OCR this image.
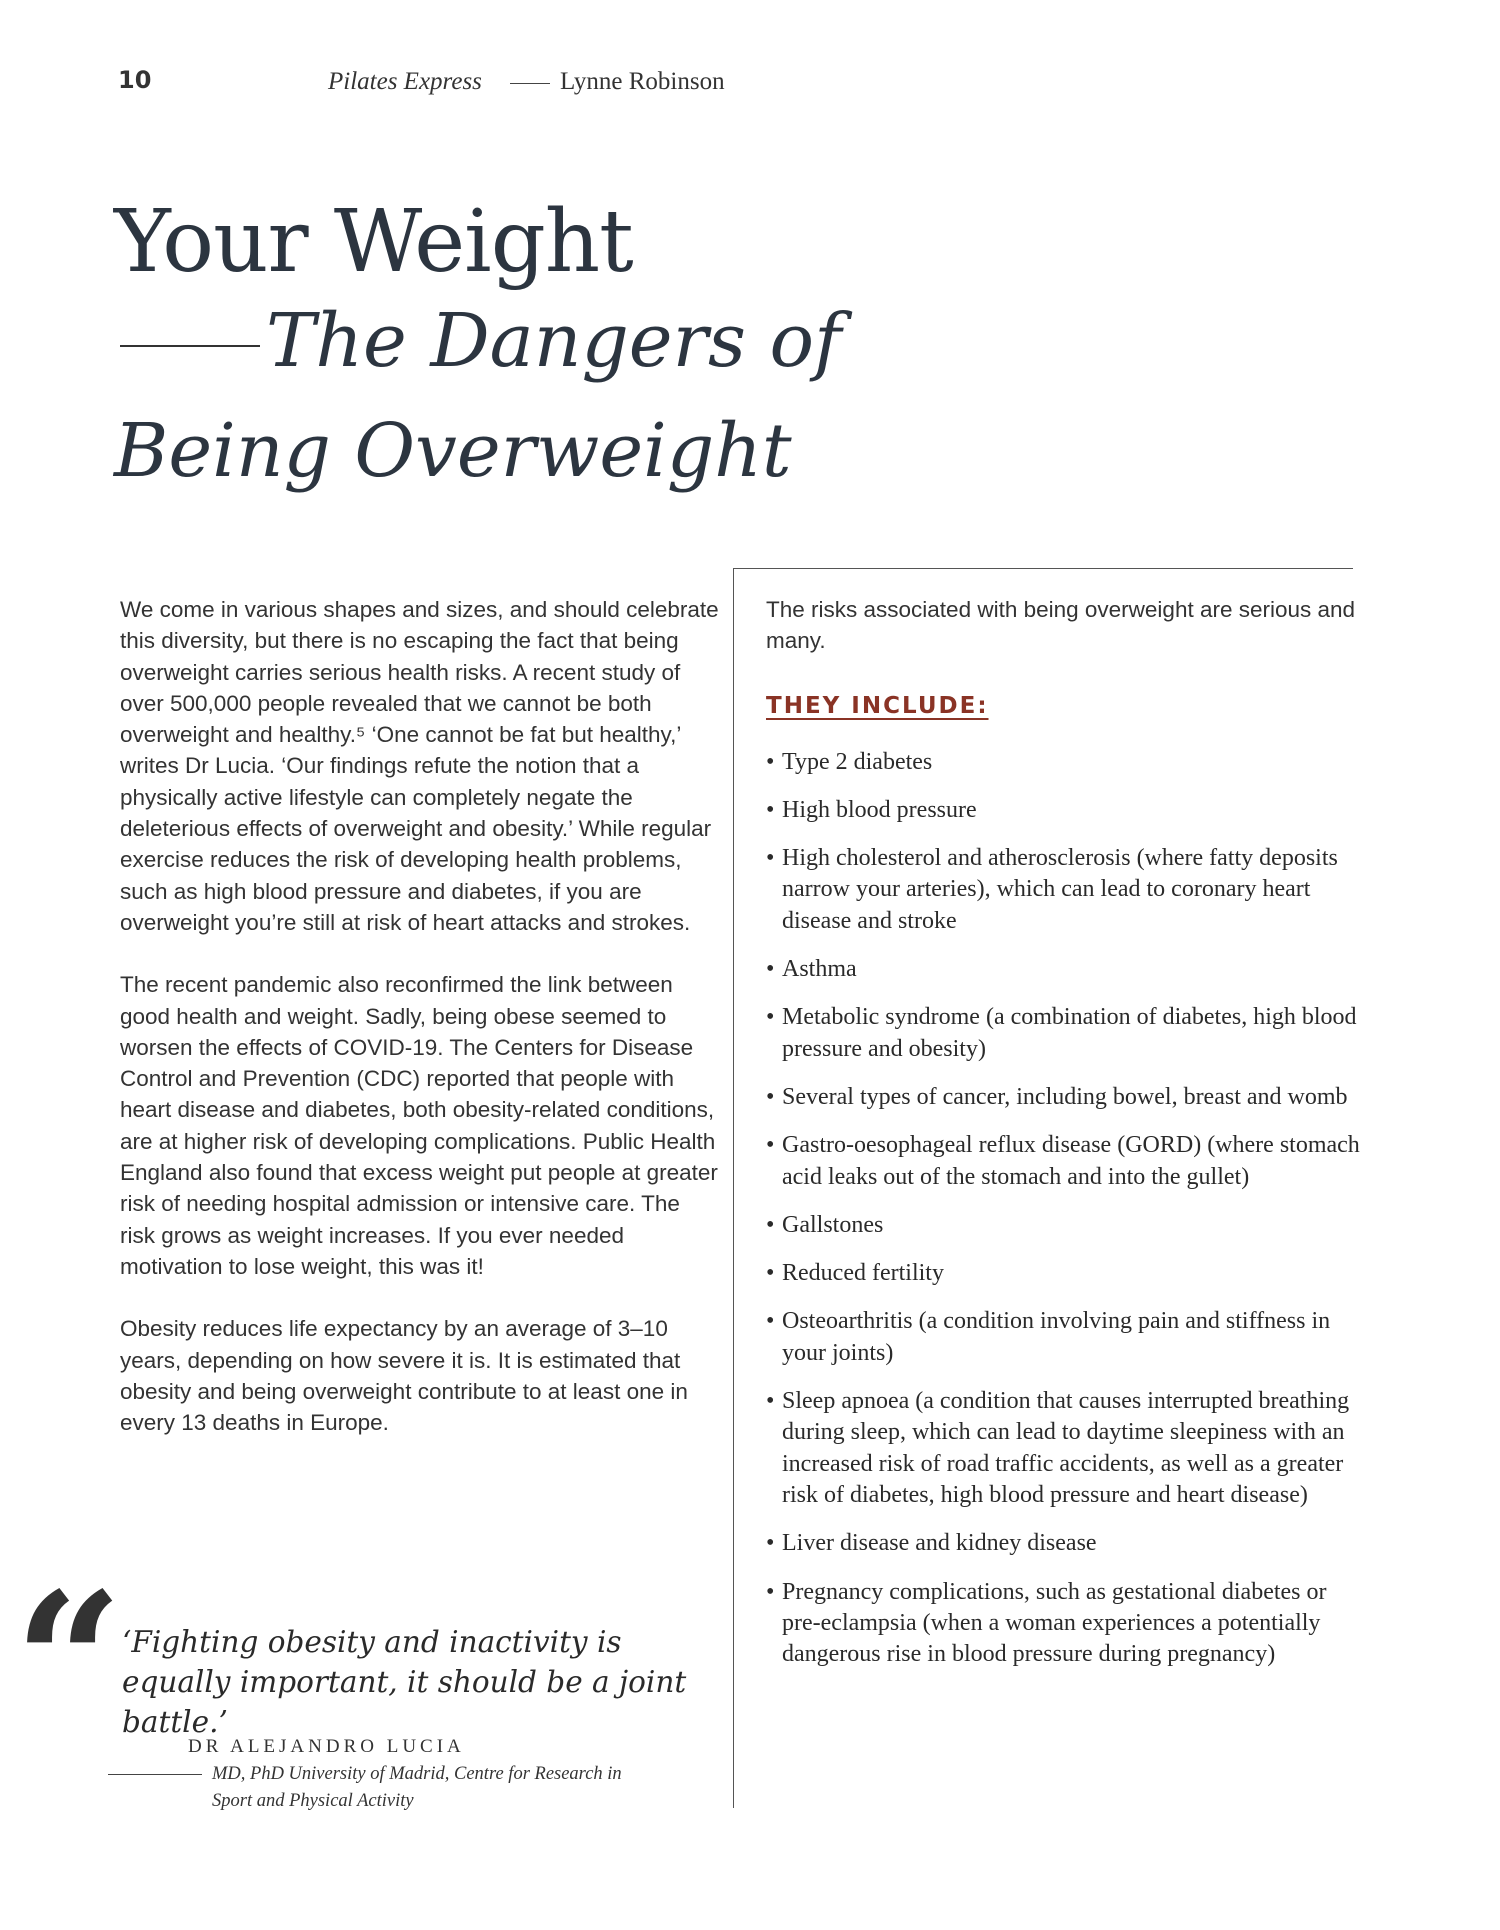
10	Pilates Express	Lynne Robinson
Your Weight
The Dangers of
Being Overweight

We come in various shapes and sizes, and should celebrate this diversity, but there is no escaping the fact that being overweight carries serious health risks. A recent study of over 500,000 people revealed that we cannot be both overweight and healthy.⁵ ‘One cannot be fat but healthy,’ writes Dr Lucia. ‘Our findings refute the notion that a physically active lifestyle can completely negate the deleterious effects of overweight and obesity.’ While regular exercise reduces the risk of developing health problems, such as high blood pressure and diabetes, if you are overweight you’re still at risk of heart attacks and strokes.

The recent pandemic also reconfirmed the link between good health and weight. Sadly, being obese seemed to worsen the effects of COVID-19. The Centers for Disease Control and Prevention (CDC) reported that people with heart disease and diabetes, both obesity-related conditions, are at higher risk of developing complications. Public Health England also found that excess weight put people at greater risk of needing hospital admission or intensive care. The risk grows as weight increases. If you ever needed motivation to lose weight, this was it!

Obesity reduces life expectancy by an average of 3–10 years, depending on how severe it is. It is estimated that obesity and being overweight contribute to at least one in every 13 deaths in Europe.

The risks associated with being overweight are serious and many.

THEY INCLUDE:
• Type 2 diabetes
• High blood pressure
• High cholesterol and atherosclerosis (where fatty deposits narrow your arteries), which can lead to coronary heart disease and stroke
• Asthma
• Metabolic syndrome (a combination of diabetes, high blood pressure and obesity)
• Several types of cancer, including bowel, breast and womb
• Gastro-oesophageal reflux disease (GORD) (where stomach acid leaks out of the stomach and into the gullet)
• Gallstones
• Reduced fertility
• Osteoarthritis (a condition involving pain and stiffness in your joints)
• Sleep apnoea (a condition that causes interrupted breathing during sleep, which can lead to daytime sleepiness with an increased risk of road traffic accidents, as well as a greater risk of diabetes, high blood pressure and heart disease)
• Liver disease and kidney disease
• Pregnancy complications, such as gestational diabetes or pre-eclampsia (when a woman experiences a potentially dangerous rise in blood pressure during pregnancy)
“
‘Fighting obesity and inactivity is equally important, it should be a joint battle.’
DR ALEJANDRO LUCIA
MD, PhD University of Madrid, Centre for Research in Sport and Physical Activity
